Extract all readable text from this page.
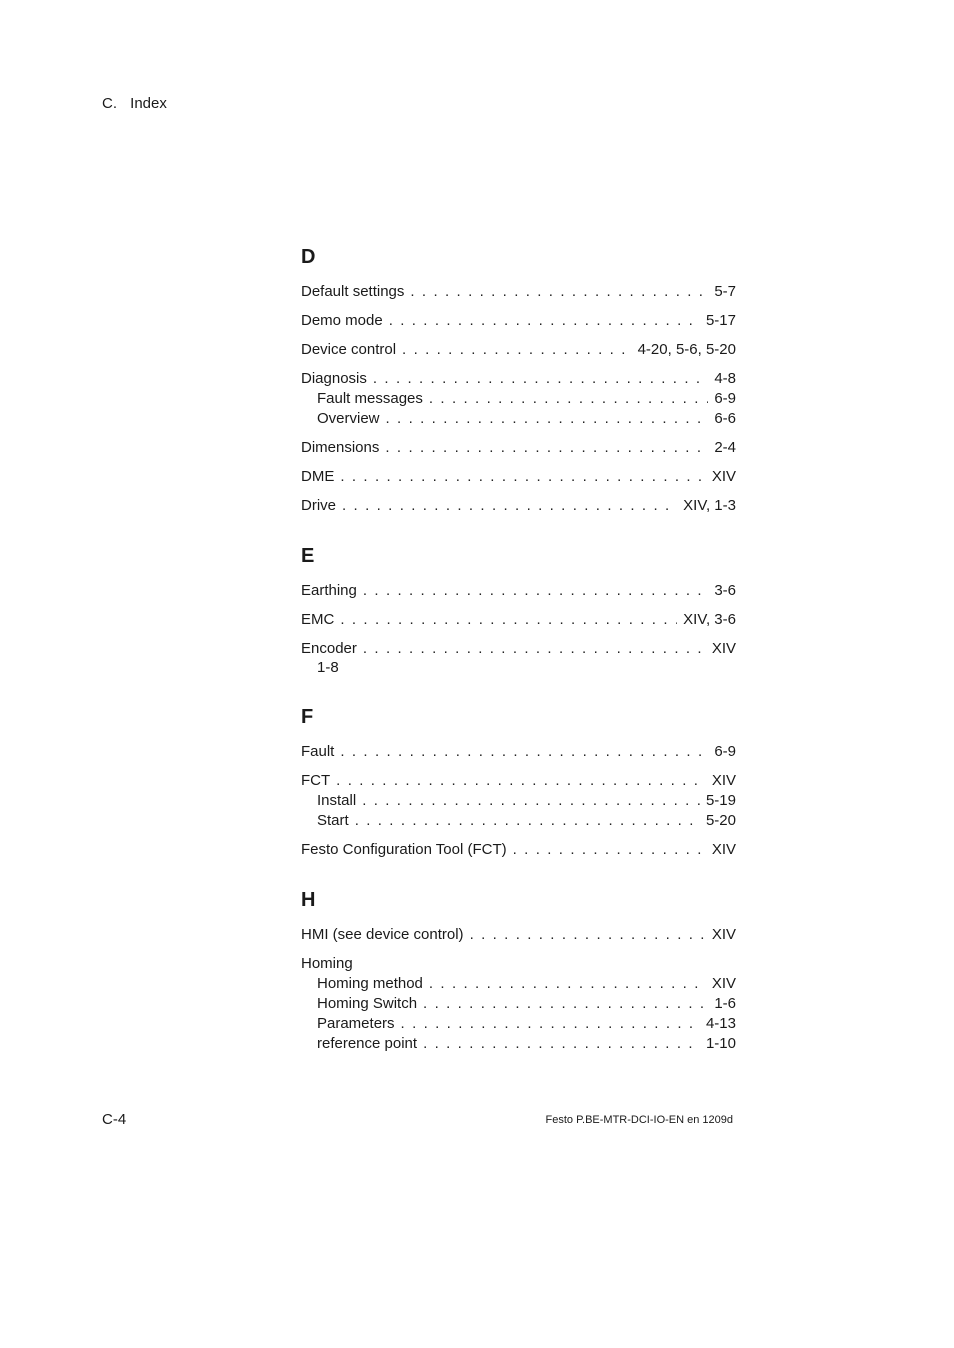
C. Index
D
Default settings . . .	5-7
Demo mode . . .	5-17
Device control . . .	4-20, 5-6, 5-20
Diagnosis . . .	4-8
Fault messages . . .	6-9
Overview . . .	6-6
Dimensions . . .	2-4
DME . . .	XIV
Drive . . .	XIV, 1-3
E
Earthing . . .	3-6
EMC . . .	XIV, 3-6
Encoder . . .	XIV
1-8
F
Fault . . .	6-9
FCT . . .	XIV
Install . . .	5-19
Start . . .	5-20
Festo Configuration Tool (FCT) . . .	XIV
H
HMI (see device control) . . .	XIV
Homing
Homing method . . .	XIV
Homing Switch . . .	1-6
Parameters . . .	4-13
reference point . . .	1-10
C-4	Festo P.BE-MTR-DCI-IO-EN en 1209d
